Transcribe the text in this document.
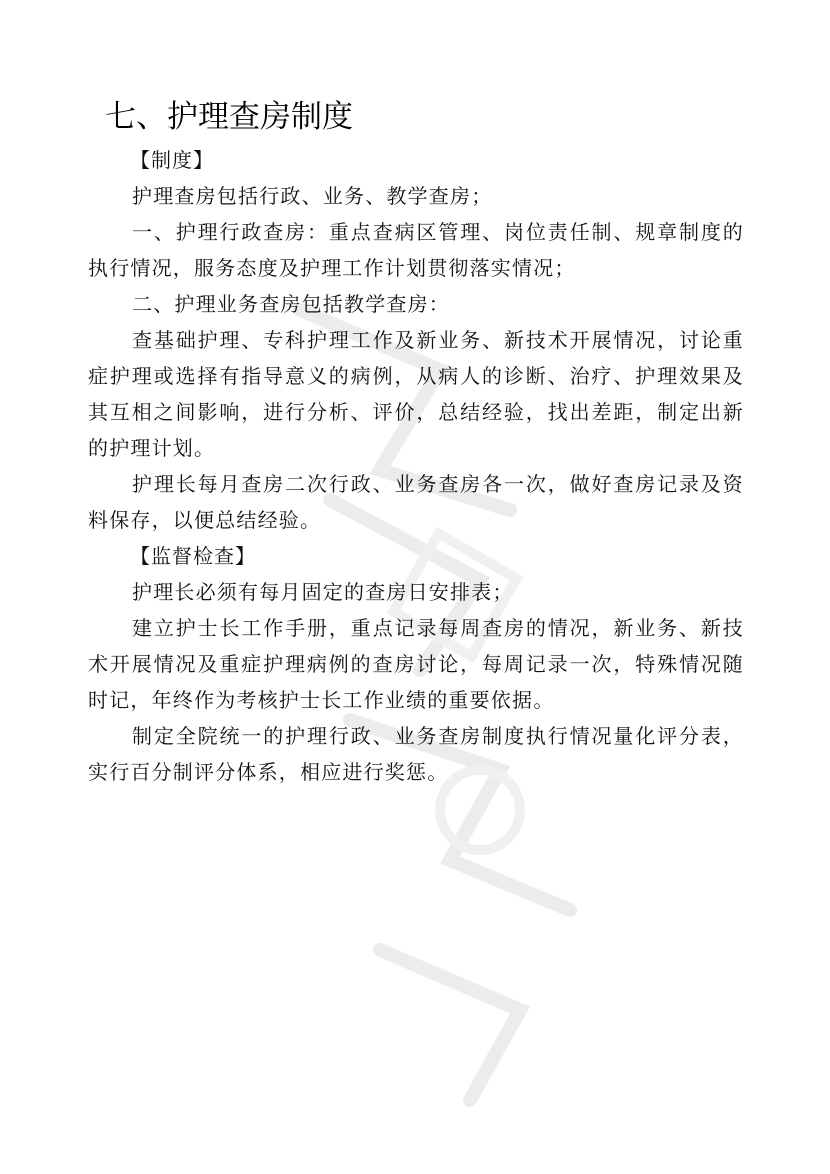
七、护理查房制度

【制度】

护理查房包括行政、业务、教学查房；

一、护理行政查房：重点查病区管理、岗位责任制、规章制度的执行情况，服务态度及护理工作计划贯彻落实情况；

二、护理业务查房包括教学查房：

查基础护理、专科护理工作及新业务、新技术开展情况，讨论重症护理或选择有指导意义的病例，从病人的诊断、治疗、护理效果及其互相之间影响，进行分析、评价，总结经验，找出差距，制定出新的护理计划。

护理长每月查房二次行政、业务查房各一次，做好查房记录及资料保存，以便总结经验。

【监督检查】

护理长必须有每月固定的查房日安排表；

建立护士长工作手册，重点记录每周查房的情况，新业务、新技术开展情况及重症护理病例的查房讨论，每周记录一次，特殊情况随时记，年终作为考核护士长工作业绩的重要依据。

制定全院统一的护理行政、业务查房制度执行情况量化评分表，实行百分制评分体系，相应进行奖惩。
